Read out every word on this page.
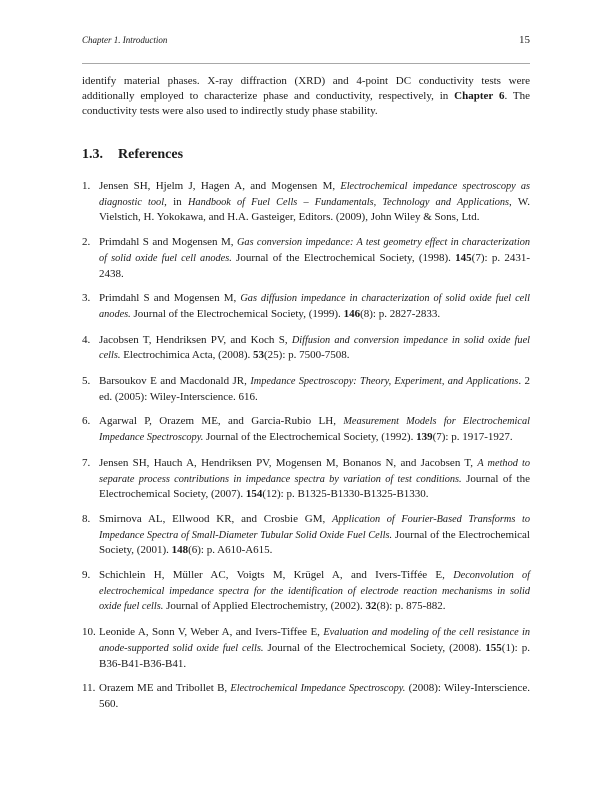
Chapter 1. Introduction	15

identify material phases. X-ray diffraction (XRD) and 4-point DC conductivity tests were additionally employed to characterize phase and conductivity, respectively, in Chapter 6. The conductivity tests were also used to indirectly study phase stability.

1.3. References
1. Jensen SH, Hjelm J, Hagen A, and Mogensen M, Electrochemical impedance spectroscopy as diagnostic tool, in Handbook of Fuel Cells – Fundamentals, Technology and Applications, W. Vielstich, H. Yokokawa, and H.A. Gasteiger, Editors. (2009), John Wiley & Sons, Ltd.
2. Primdahl S and Mogensen M, Gas conversion impedance: A test geometry effect in characterization of solid oxide fuel cell anodes. Journal of the Electrochemical Society, (1998). 145(7): p. 2431-2438.
3. Primdahl S and Mogensen M, Gas diffusion impedance in characterization of solid oxide fuel cell anodes. Journal of the Electrochemical Society, (1999). 146(8): p. 2827-2833.
4. Jacobsen T, Hendriksen PV, and Koch S, Diffusion and conversion impedance in solid oxide fuel cells. Electrochimica Acta, (2008). 53(25): p. 7500-7508.
5. Barsoukov E and Macdonald JR, Impedance Spectroscopy: Theory, Experiment, and Applications. 2 ed. (2005): Wiley-Interscience. 616.
6. Agarwal P, Orazem ME, and Garcia-Rubio LH, Measurement Models for Electrochemical Impedance Spectroscopy. Journal of the Electrochemical Society, (1992). 139(7): p. 1917-1927.
7. Jensen SH, Hauch A, Hendriksen PV, Mogensen M, Bonanos N, and Jacobsen T, A method to separate process contributions in impedance spectra by variation of test conditions. Journal of the Electrochemical Society, (2007). 154(12): p. B1325-B1330-B1325-B1330.
8. Smirnova AL, Ellwood KR, and Crosbie GM, Application of Fourier-Based Transforms to Impedance Spectra of Small-Diameter Tubular Solid Oxide Fuel Cells. Journal of the Electrochemical Society, (2001). 148(6): p. A610-A615.
9. Schichlein H, Müller AC, Voigts M, Krügel A, and Ivers-Tiffée E, Deconvolution of electrochemical impedance spectra for the identification of electrode reaction mechanisms in solid oxide fuel cells. Journal of Applied Electrochemistry, (2002). 32(8): p. 875-882.
10. Leonide A, Sonn V, Weber A, and Ivers-Tiffee E, Evaluation and modeling of the cell resistance in anode-supported solid oxide fuel cells. Journal of the Electrochemical Society, (2008). 155(1): p. B36-B41-B36-B41.
11. Orazem ME and Tribollet B, Electrochemical Impedance Spectroscopy. (2008): Wiley-Interscience. 560.
